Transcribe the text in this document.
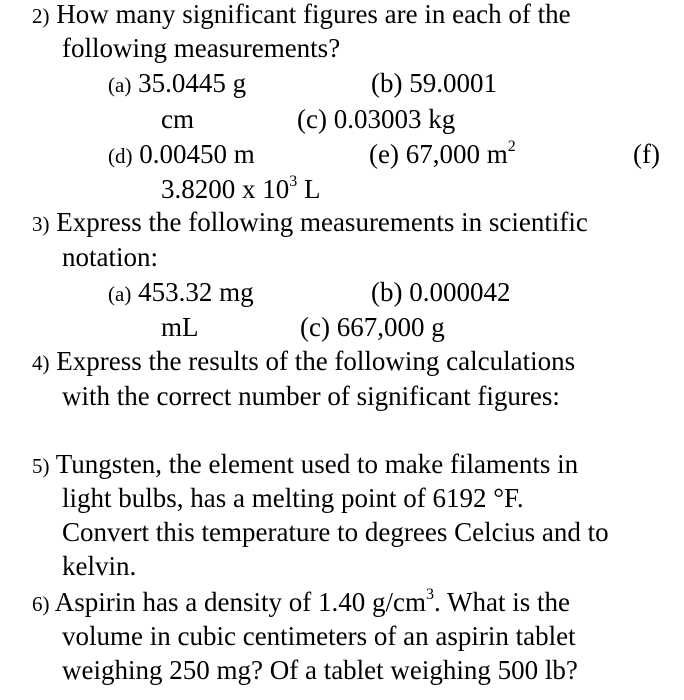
2) How many significant figures are in each of the
following measurements?
(a) 35.0445 g	(b) 59.0001
cm	(c) 0.03003 kg
(d) 0.00450 m	(e) 67,000 $m^2$	(f)
3.8200 x $10^3$ L
3) Express the following measurements in scientific
notation:
(a) 453.32 mg	(b) 0.000042
mL	(c) 667,000 g
4) Express the results of the following calculations
with the correct number of significant figures:
5) Tungsten, the element used to make filaments in
light bulbs, has a melting point of 6192 °F.
Convert this temperature to degrees Celcius and to
kelvin.
6) Aspirin has a density of 1.40 $g/cm^3$. What is the
volume in cubic centimeters of an aspirin tablet
weighing 250 mg? Of a tablet weighing 500 lb?
